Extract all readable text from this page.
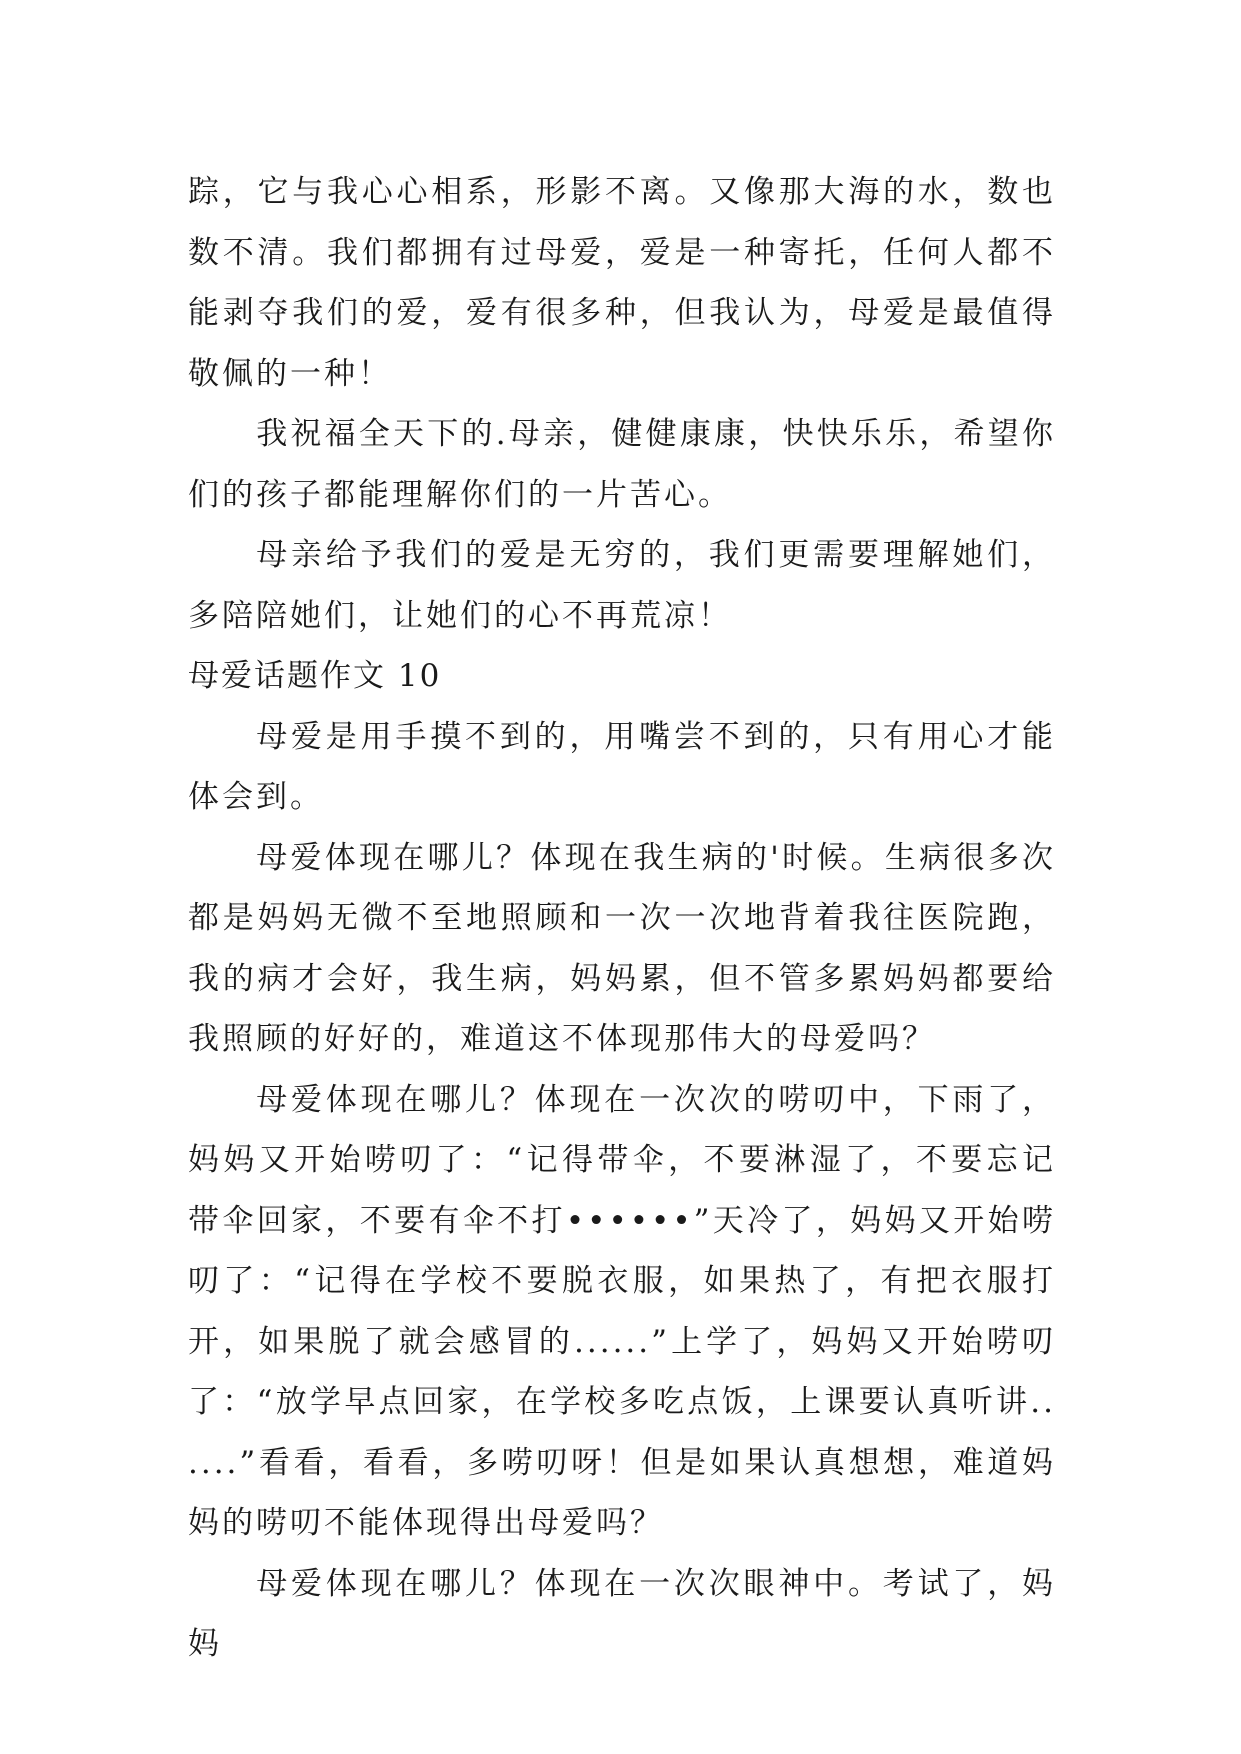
踪，它与我心心相系，形影不离。又像那大海的水，数也数不清。我们都拥有过母爱，爱是一种寄托，任何人都不能剥夺我们的爱，爱有很多种，但我认为，母爱是最值得敬佩的一种！

我祝福全天下的.母亲，健健康康，快快乐乐，希望你们的孩子都能理解你们的一片苦心。

母亲给予我们的爱是无穷的，我们更需要理解她们，多陪陪她们，让她们的心不再荒凉！

母爱话题作文 10

母爱是用手摸不到的，用嘴尝不到的，只有用心才能体会到。

母爱体现在哪儿？体现在我生病的'时候。生病很多次都是妈妈无微不至地照顾和一次一次地背着我往医院跑，我的病才会好，我生病，妈妈累，但不管多累妈妈都要给我照顾的好好的，难道这不体现那伟大的母爱吗？

母爱体现在哪儿？体现在一次次的唠叨中，下雨了，妈妈又开始唠叨了：“记得带伞，不要淋湿了，不要忘记带伞回家，不要有伞不打••••••”天冷了，妈妈又开始唠叨了：“记得在学校不要脱衣服，如果热了，有把衣服打开，如果脱了就会感冒的......”上学了，妈妈又开始唠叨了：“放学早点回家，在学校多吃点饭，上课要认真听讲......”看看，看看，多唠叨呀！但是如果认真想想，难道妈妈的唠叨不能体现得出母爱吗？

母爱体现在哪儿？体现在一次次眼神中。考试了，妈妈
